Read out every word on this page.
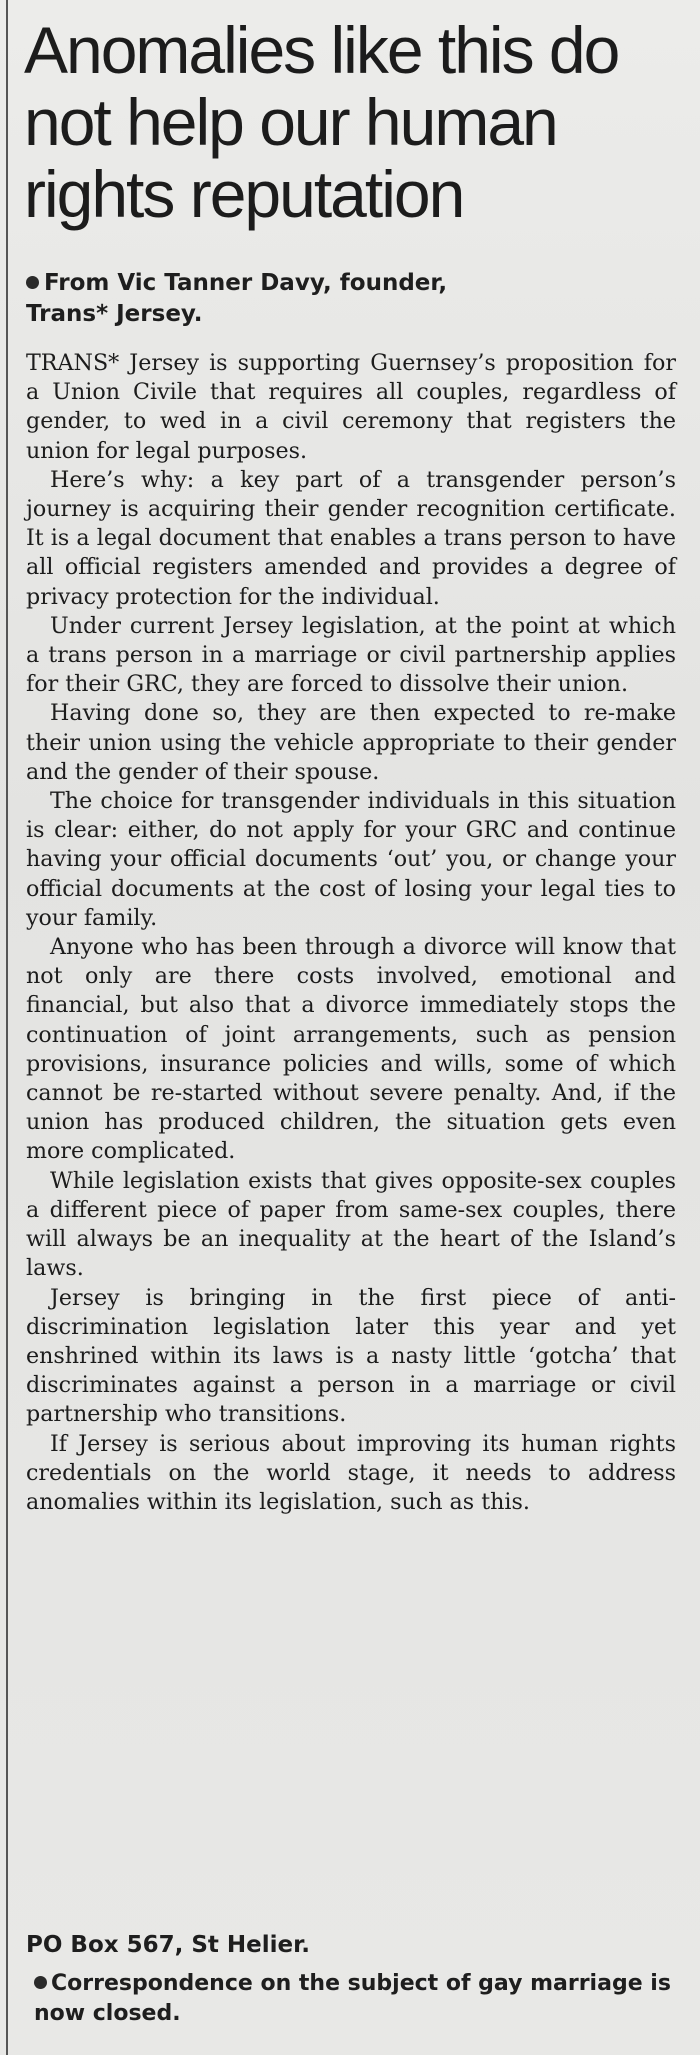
Anomalies like this do not help our human rights reputation
From Vic Tanner Davy, founder,
Trans* Jersey.

TRANS* Jersey is supporting Guernsey’s proposition for a Union Civile that requires all couples, regardless of gender, to wed in a civil ceremony that registers the union for legal purposes.

Here’s why: a key part of a transgender person’s journey is acquiring their gender recognition certificate. It is a legal document that enables a trans person to have all official registers amended and provides a degree of privacy protection for the individual.

Under current Jersey legislation, at the point at which a trans person in a marriage or civil partnership applies for their GRC, they are forced to dissolve their union.

Having done so, they are then expected to re-make their union using the vehicle appropriate to their gender and the gender of their spouse.

The choice for transgender individuals in this situation is clear: either, do not apply for your GRC and continue having your official documents ‘out’ you, or change your official documents at the cost of losing your legal ties to your family.

Anyone who has been through a divorce will know that not only are there costs involved, emotional and financial, but also that a divorce immediately stops the continuation of joint arrangements, such as pension provisions, insurance policies and wills, some of which cannot be re-started without severe penalty. And, if the union has produced children, the situation gets even more complicated.

While legislation exists that gives opposite-sex couples a different piece of paper from same-sex couples, there will always be an inequality at the heart of the Island’s laws.

Jersey is bringing in the first piece of anti-discrimination legislation later this year and yet enshrined within its laws is a nasty little ‘gotcha’ that discriminates against a person in a marriage or civil partnership who transitions.

If Jersey is serious about improving its human rights credentials on the world stage, it needs to address anomalies within its legislation, such as this.

PO Box 567, St Helier.
Correspondence on the subject of gay marriage is now closed.
